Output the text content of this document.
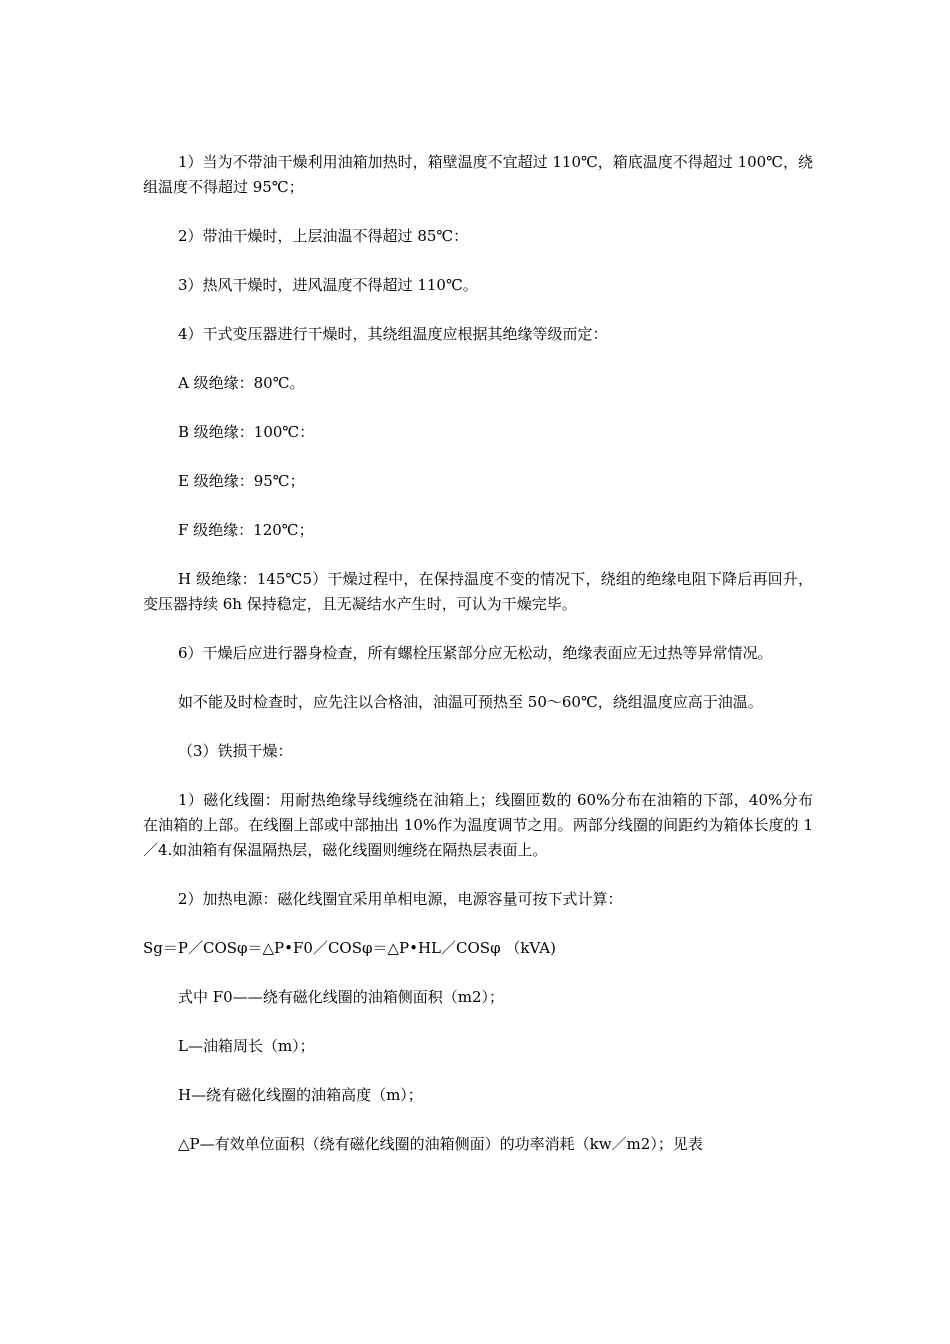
1）当为不带油干燥利用油箱加热时，箱壁温度不宜超过 110℃，箱底温度不得超过 100℃，绕组温度不得超过 95℃；

2）带油干燥时，上层油温不得超过 85℃：

3）热风干燥时，进风温度不得超过 110℃。

4）干式变压器进行干燥时，其绕组温度应根据其绝缘等级而定：

A 级绝缘：80℃。

B 级绝缘：100℃：

E 级绝缘：95℃；

F 级绝缘：120℃；

H 级绝缘：145℃5）干燥过程中，在保持温度不变的情况下，绕组的绝缘电阻下降后再回升，变压器持续 6h 保持稳定，且无凝结水产生时，可认为干燥完毕。

6）干燥后应进行器身检查，所有螺栓压紧部分应无松动，绝缘表面应无过热等异常情况。

如不能及时检查时，应先注以合格油，油温可预热至 50～60℃，绕组温度应高于油温。

（3）铁损干燥：

1）磁化线圈：用耐热绝缘导线缠绕在油箱上；线圈匝数的 60%分布在油箱的下部，40%分布在油箱的上部。在线圈上部或中部抽出 10%作为温度调节之用。两部分线圈的间距约为箱体长度的 1／4.如油箱有保温隔热层，磁化线圈则缠绕在隔热层表面上。

2）加热电源：磁化线圈宜采用单相电源，电源容量可按下式计算：

Sg＝P／COSφ＝△P•F0／COSφ＝△P•HL／COSφ （kVA)

式中 F0——绕有磁化线圈的油箱侧面积（m2）；

L—油箱周长（m）；

H—绕有磁化线圈的油箱高度（m）；

△P—有效单位面积（绕有磁化线圈的油箱侧面）的功率消耗（kw／m2）；见表
